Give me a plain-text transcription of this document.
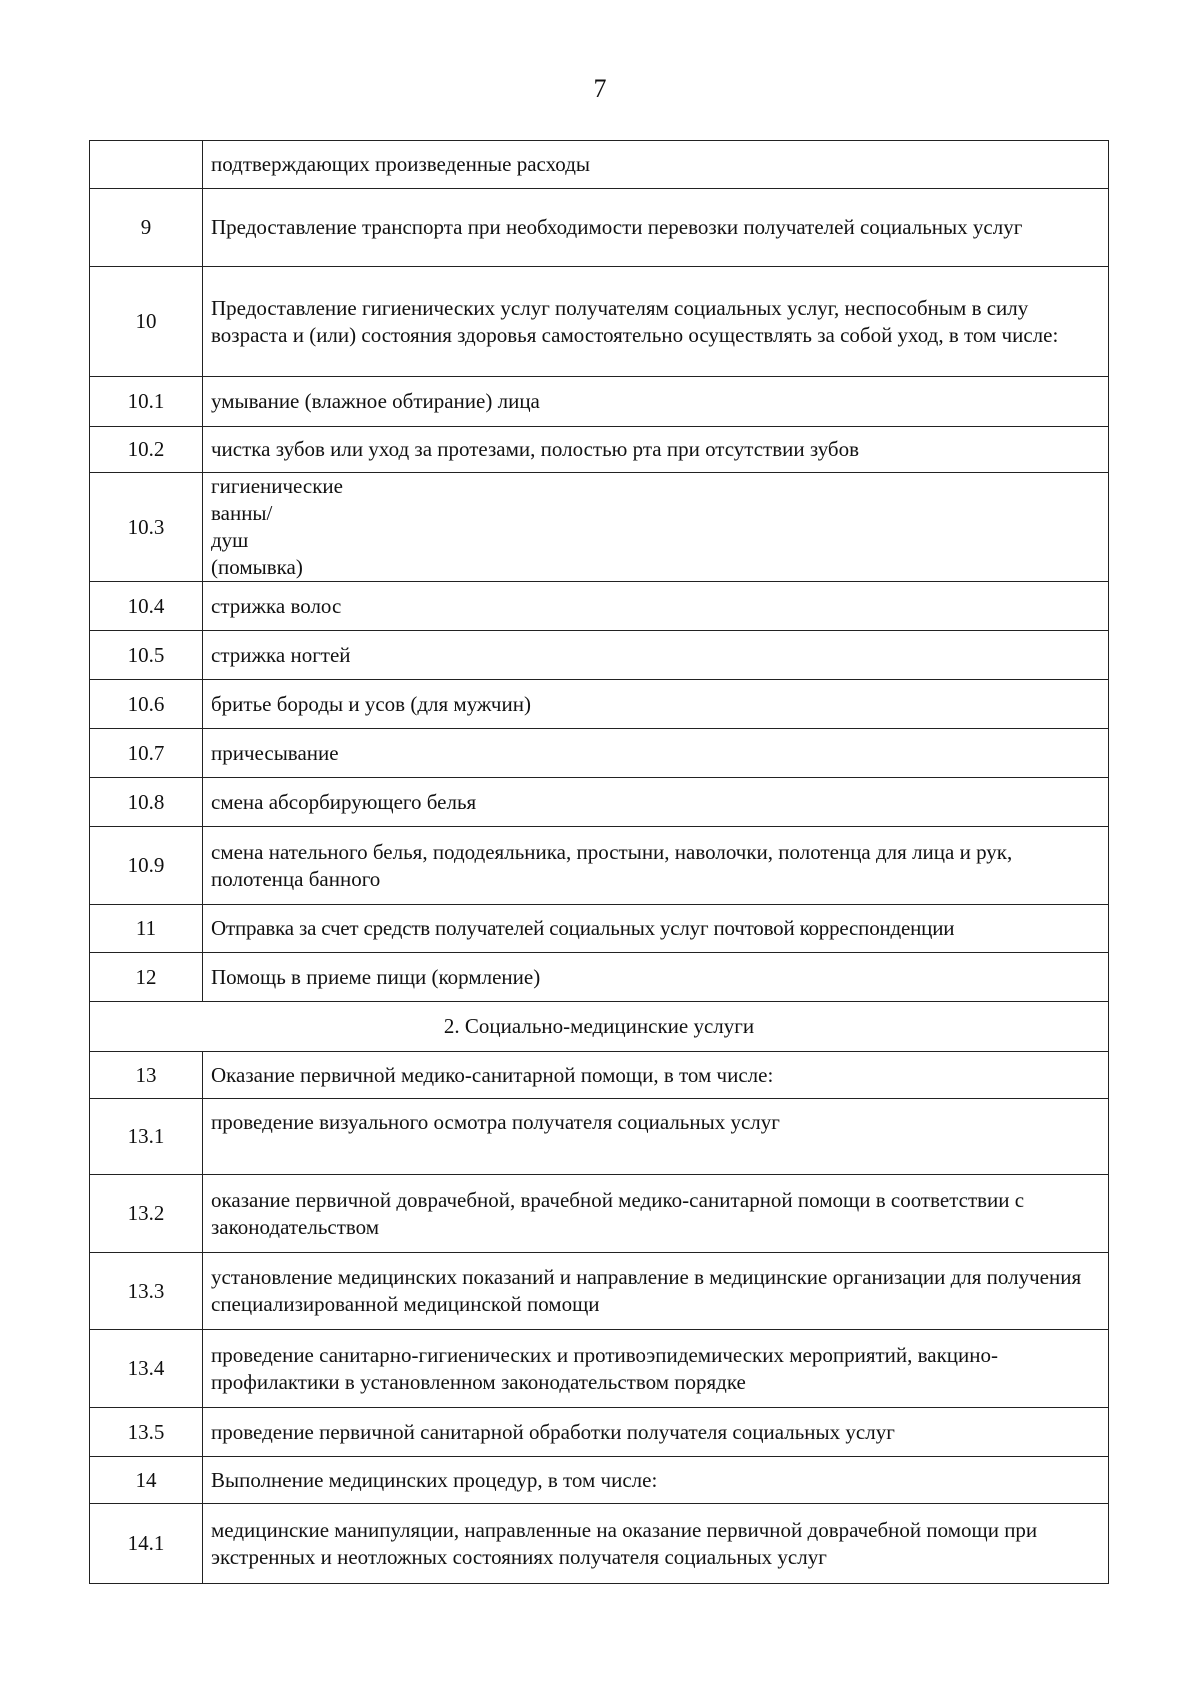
7
	подтверждающих произведенные расходы
9	Предоставление транспорта при необходимости перевозки получателей социальных услуг
10	Предоставление гигиенических услуг получателям социальных услуг, неспособным в силу возраста и (или) состояния здоровья самостоятельно осуществлять за собой уход, в том числе:
10.1	умывание (влажное обтирание) лица
10.2	чистка зубов или уход за протезами, полостью рта при отсутствии зубов
10.3	гигиенические ванны/душ (помывка)
10.4	стрижка волос
10.5	стрижка ногтей
10.6	бритье бороды и усов (для мужчин)
10.7	причесывание
10.8	смена абсорбирующего белья
10.9	смена нательного белья, пододеяльника, простыни, наволочки, полотенца для лица и рук, полотенца банного
11	Отправка за счет средств получателей социальных услуг почтовой корреспонденции
12	Помощь в приеме пищи (кормление)
2. Социально-медицинские услуги	
13	Оказание первичной медико-санитарной помощи, в том числе:
13.1	проведение визуального осмотра получателя социальных услуг
13.2	оказание первичной доврачебной, врачебной медико-санитарной помощи в соответствии с законодательством
13.3	установление медицинских показаний и направление в медицинские организации для получения специализированной медицинской помощи
13.4	проведение санитарно-гигиенических и противоэпидемических мероприятий, вакцино-профилактики в установленном законодательством порядке
13.5	проведение первичной санитарной обработки получателя социальных услуг
14	Выполнение медицинских процедур, в том числе:
14.1	медицинские манипуляции, направленные на оказание первичной доврачебной помощи при экстренных и неотложных состояниях получателя социальных услуг
